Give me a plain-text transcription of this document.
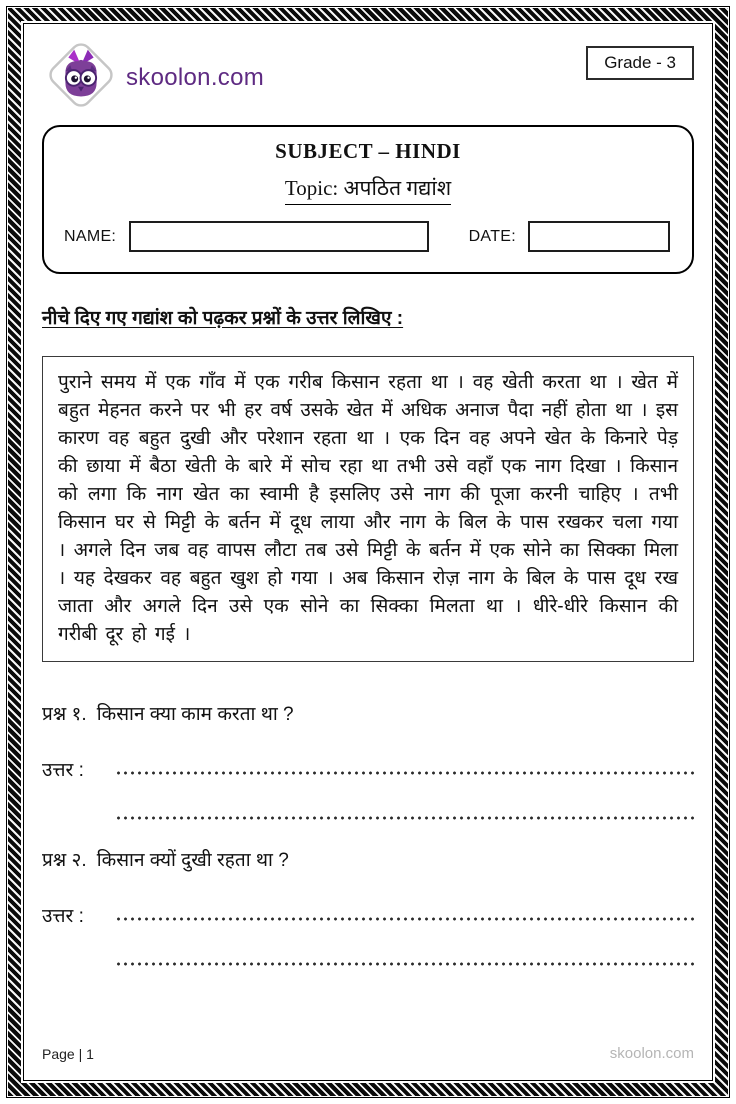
skoolon.com
Grade - 3
SUBJECT – HINDI
Topic: अपठित गद्यांश
NAME:	DATE:
नीचे दिए गए गद्यांश को पढ़कर प्रश्नों के उत्तर लिखिए :
पुराने समय में एक गाँव में एक गरीब किसान रहता था । वह खेती करता था । खेत में बहुत मेहनत करने पर भी हर वर्ष उसके खेत में अधिक अनाज पैदा नहीं होता था । इस कारण वह बहुत दुखी और परेशान रहता था । एक दिन वह अपने खेत के किनारे पेड़ की छाया में बैठा खेती के बारे में सोच रहा था तभी उसे वहाँ एक नाग दिखा । किसान को लगा कि नाग खेत का स्वामी है इसलिए उसे नाग की पूजा करनी चाहिए । तभी किसान घर से मिट्टी के बर्तन में दूध लाया और नाग के बिल के पास रखकर चला गया । अगले दिन जब वह वापस लौटा तब उसे मिट्टी के बर्तन में एक सोने का सिक्का मिला । यह देखकर वह बहुत खुश हो गया । अब किसान रोज़ नाग के बिल के पास दूध रख जाता और अगले दिन उसे एक सोने का सिक्का मिलता था । धीरे-धीरे किसान की गरीबी दूर हो गई ।
प्रश्न १. किसान क्या काम करता था ?
उत्तर :
प्रश्न २. किसान क्यों दुखी रहता था ?
उत्तर :
Page | 1	skoolon.com
